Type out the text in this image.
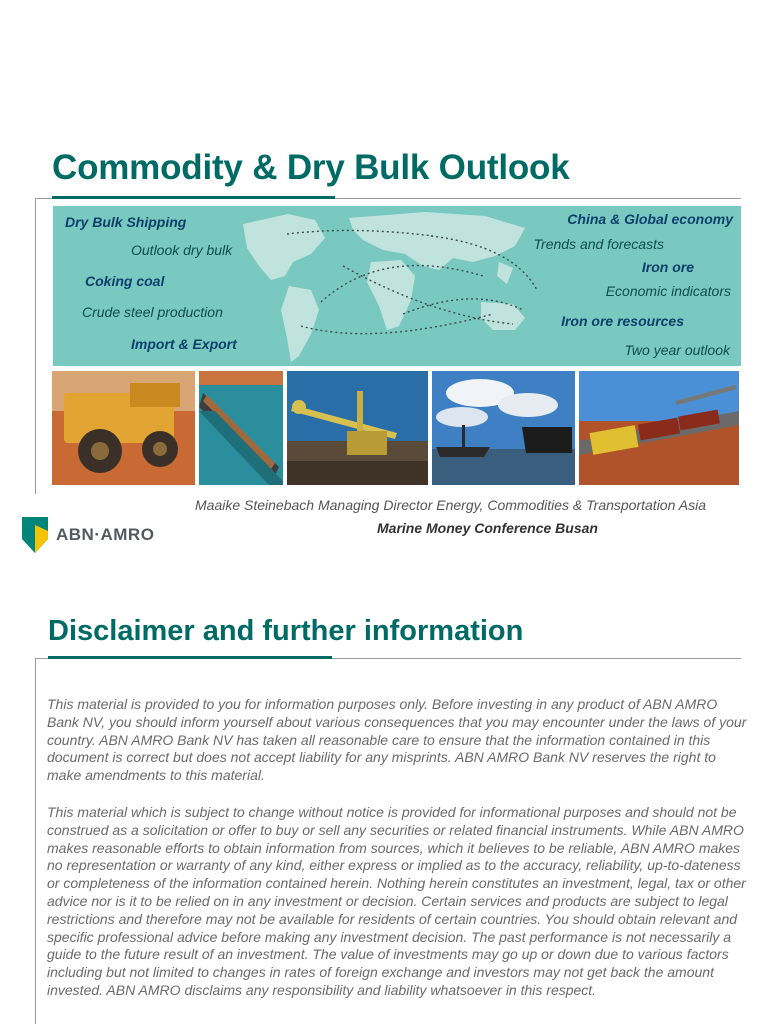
Commodity & Dry Bulk Outlook
Dry Bulk Shipping
Outlook dry bulk
Coking coal
Crude steel production
Import & Export
China & Global economy
Trends and forecasts
Iron ore
Economic indicators
Iron ore resources
Two year outlook
Maaike Steinebach Managing Director Energy, Commodities & Transportation Asia
Marine Money Conference Busan
ABN·AMRO
Disclaimer and further information
This material is provided to you for information purposes only. Before investing in any product of ABN AMRO Bank NV, you should inform yourself about various consequences that you may encounter under the laws of your country. ABN AMRO Bank NV has taken all reasonable care to ensure that the information contained in this document is correct but does not accept liability for any misprints. ABN AMRO Bank NV reserves the right to make amendments to this material.
This material which is subject to change without notice is provided for informational purposes and should not be construed as a solicitation or offer to buy or sell any securities or related financial instruments. While ABN AMRO makes reasonable efforts to obtain information from sources, which it believes to be reliable, ABN AMRO makes no representation or warranty of any kind, either express or implied as to the accuracy, reliability, up-to-dateness or completeness of the information contained herein. Nothing herein constitutes an investment, legal, tax or other advice nor is it to be relied on in any investment or decision. Certain services and products are subject to legal restrictions and therefore may not be available for residents of certain countries. You should obtain relevant and specific professional advice before making any investment decision. The past performance is not necessarily a guide to the future result of an investment. The value of investments may go up or down due to various factors including but not limited to changes in rates of foreign exchange and investors may not get back the amount invested. ABN AMRO disclaims any responsibility and liability whatsoever in this respect.
